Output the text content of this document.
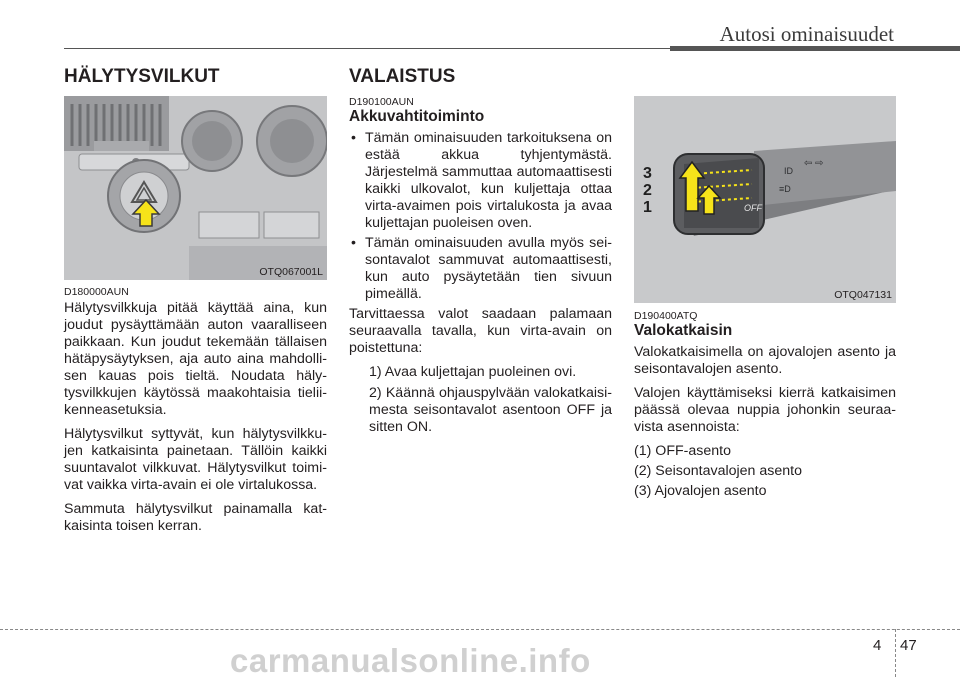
Autosi ominaisuudet
HÄLYTYSVILKUT
OTQ067001L
D180000AUN

Hälytysvilkkuja pitää käyttää aina, kun joudut pysäyttämään auton vaaralliseen paikkaan. Kun joudut tekemään tällaisen hätäpysäytyksen, aja auto aina mahdollisen kauas pois tieltä. Noudata hälytysvilkkujen käytössä maakohtaisia tieliikenneasetuksia.

Hälytysvilkut syttyvät, kun hälytysvilkkujen katkaisinta painetaan. Tällöin kaikki suuntavalot vilkkuvat. Hälytysvilkut toimivat vaikka virta-avain ei ole virtalukossa.

Sammuta hälytysvilkut painamalla katkaisinta toisen kerran.

VALAISTUS
D190100AUN
Akkuvahtitoiminto
• Tämän ominaisuuden tarkoituksena on estää akkua tyhjentymästä. Järjestelmä sammuttaa automaattisesti kaikki ulkovalot, kun kuljettaja ottaa virta-avaimen pois virtalukosta ja avaa kuljettajan puoleisen oven.
• Tämän ominaisuuden avulla myös seisontavalot sammuvat automaattisesti, kun auto pysäytetään tien sivuun pimeällä.

Tarvittaessa valot saadaan palamaan seuraavalla tavalla, kun virta-avain on poistettuna:

1) Avaa kuljettajan puoleinen ovi.
2) Käännä ohjauspylvään valokatkaisimesta seisontavalot asentoon OFF ja sitten ON.
ID
≡D
OFF
⇦ ⇨
3
2
1
OTQ047131
D190400ATQ
Valokatkaisin

Valokatkaisimella on ajovalojen asento ja seisontavalojen asento.

Valojen käyttämiseksi kierrä katkaisimen päässä olevaa nuppia johonkin seuraavista asennoista:

(1) OFF-asento

(2) Seisontavalojen asento

(3) Ajovalojen asento

4 47
carmanualsonline.info
